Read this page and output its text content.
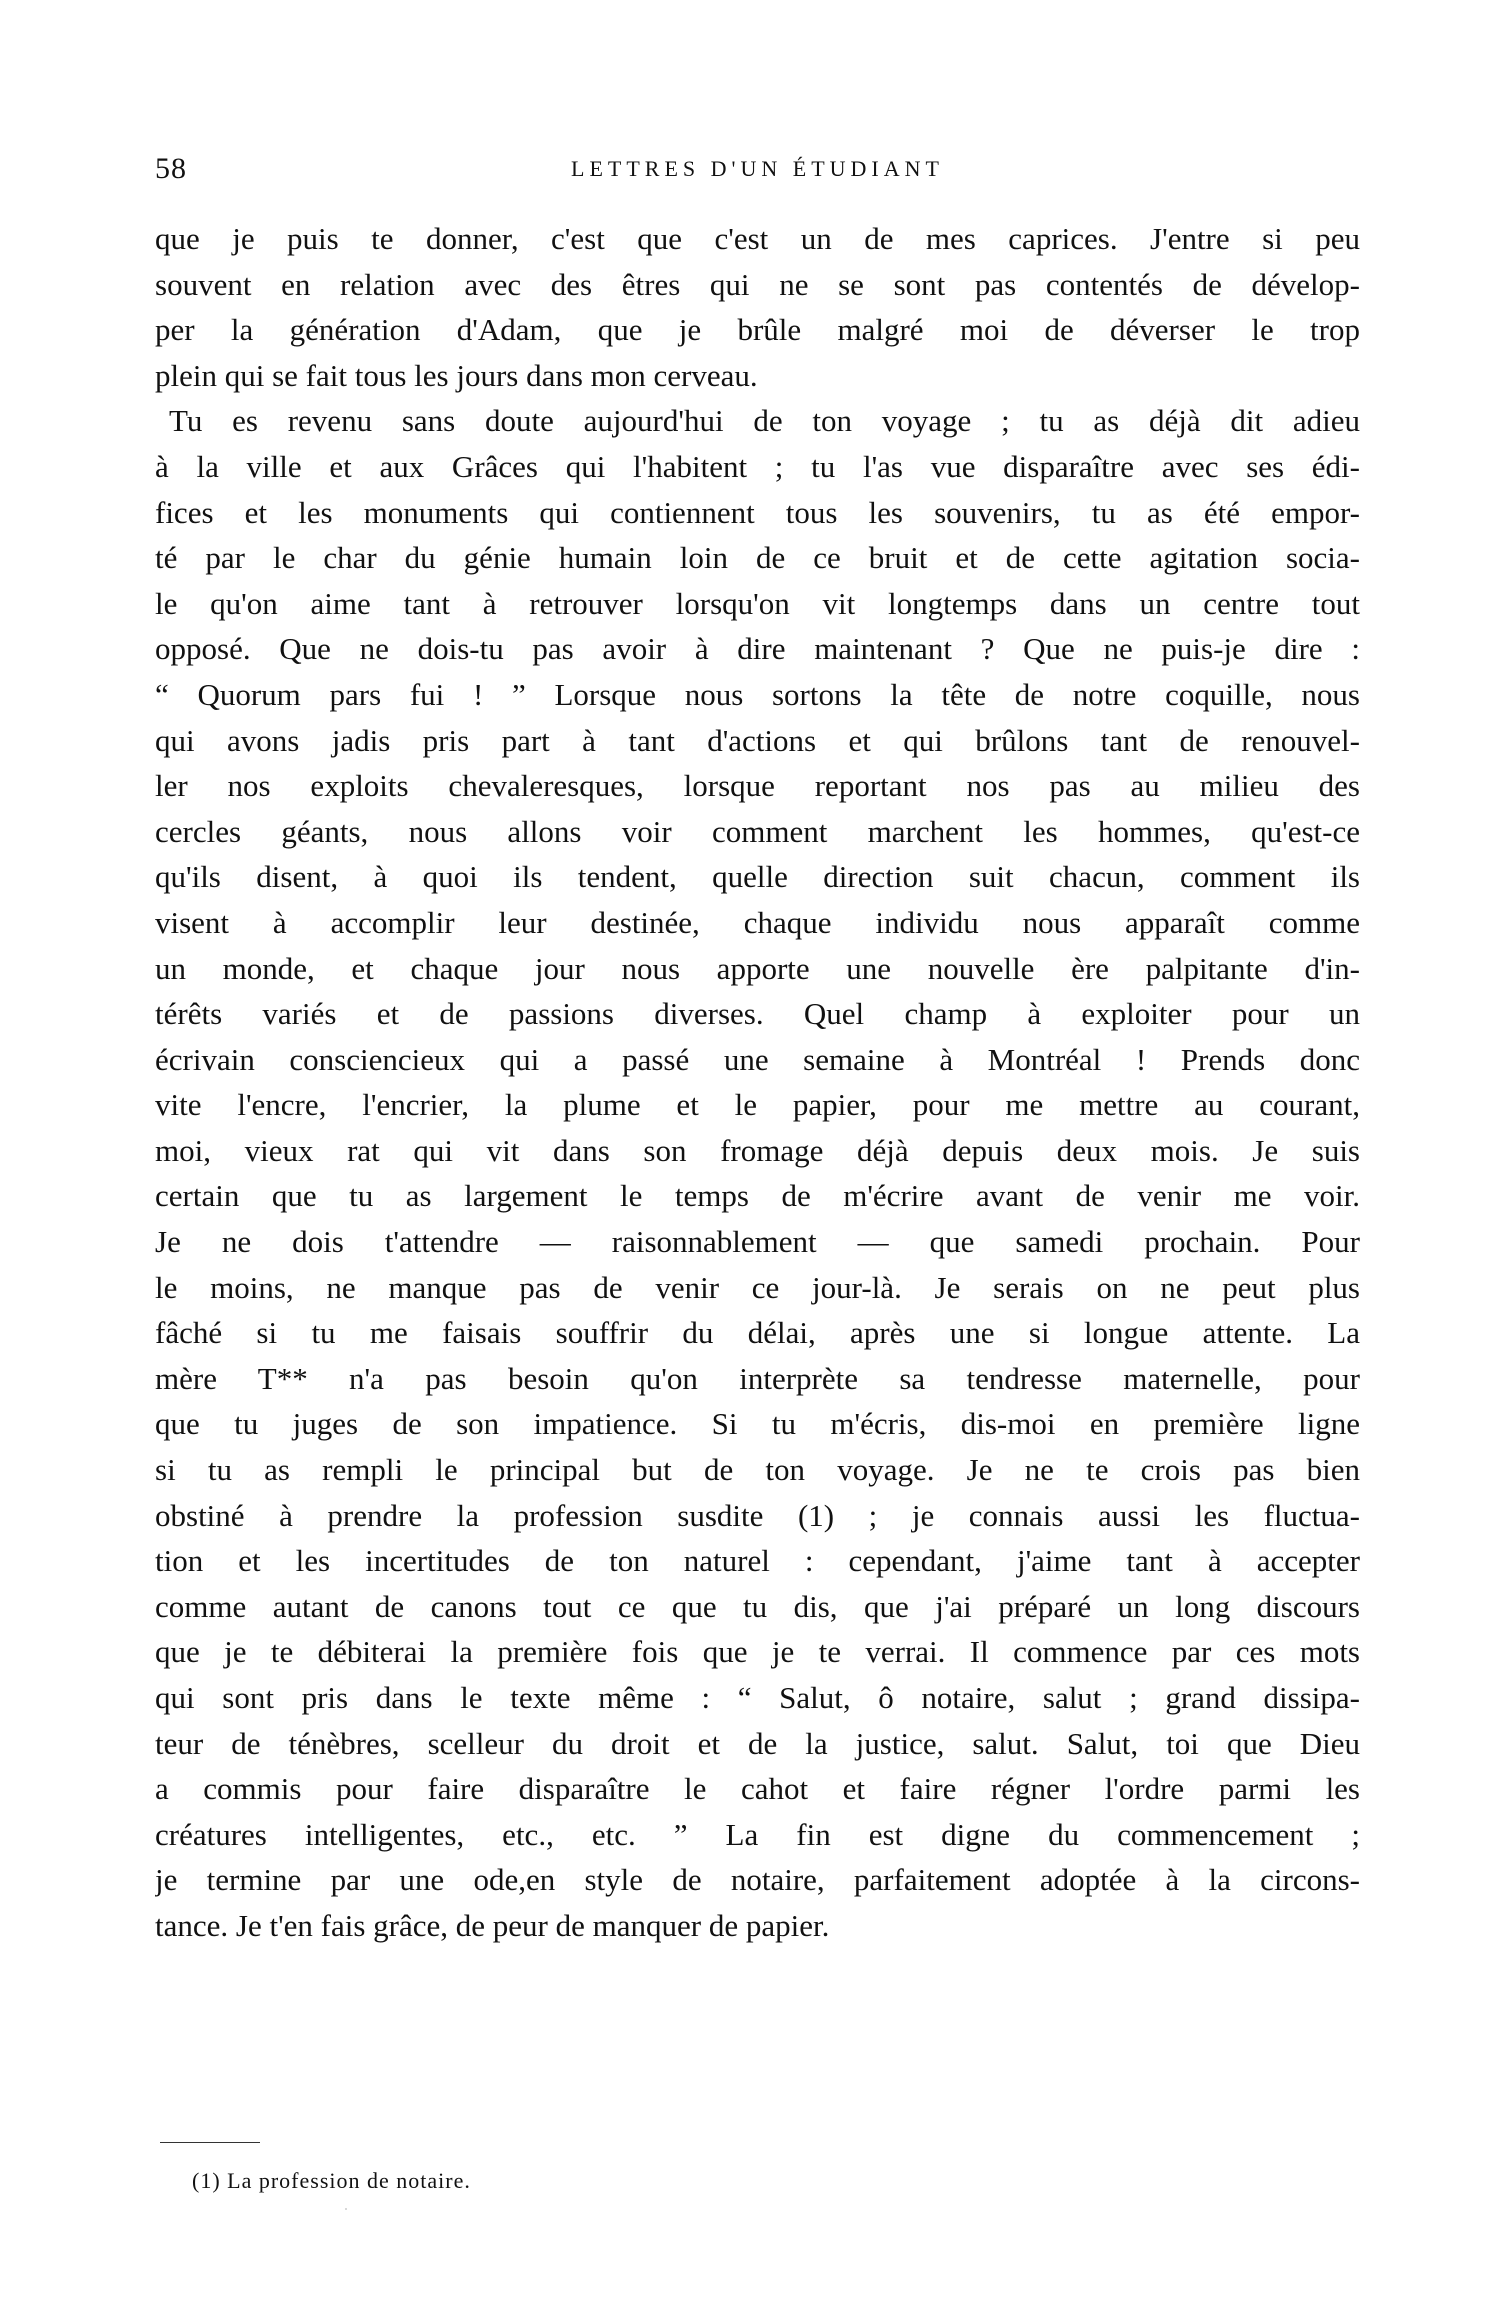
58	LETTRES D'UN ÉTUDIANT
que je puis te donner, c'est que c'est un de mes caprices. J'entre si peu
souvent en relation avec des êtres qui ne se sont pas contentés de dévelop-
per la génération d'Adam, que je brûle malgré moi de déverser le trop
plein qui se fait tous les jours dans mon cerveau.
Tu es revenu sans doute aujourd'hui de ton voyage ; tu as déjà dit adieu
à la ville et aux Grâces qui l'habitent ; tu l'as vue disparaître avec ses édi-
fices et les monuments qui contiennent tous les souvenirs, tu as été empor-
té par le char du génie humain loin de ce bruit et de cette agitation socia-
le qu'on aime tant à retrouver lorsqu'on vit longtemps dans un centre tout
opposé. Que ne dois-tu pas avoir à dire maintenant ? Que ne puis-je dire :
“ Quorum pars fui ! ” Lorsque nous sortons la tête de notre coquille, nous
qui avons jadis pris part à tant d'actions et qui brûlons tant de renouvel-
ler nos exploits chevaleresques, lorsque reportant nos pas au milieu des
cercles géants, nous allons voir comment marchent les hommes, qu'est-ce
qu'ils disent, à quoi ils tendent, quelle direction suit chacun, comment ils
visent à accomplir leur destinée, chaque individu nous apparaît comme
un monde, et chaque jour nous apporte une nouvelle ère palpitante d'in-
térêts variés et de passions diverses. Quel champ à exploiter pour un
écrivain consciencieux qui a passé une semaine à Montréal ! Prends donc
vite l'encre, l'encrier, la plume et le papier, pour me mettre au courant,
moi, vieux rat qui vit dans son fromage déjà depuis deux mois. Je suis
certain que tu as largement le temps de m'écrire avant de venir me voir.
Je ne dois t'attendre — raisonnablement — que samedi prochain. Pour
le moins, ne manque pas de venir ce jour-là. Je serais on ne peut plus
fâché si tu me faisais souffrir du délai, après une si longue attente. La
mère T** n'a pas besoin qu'on interprète sa tendresse maternelle, pour
que tu juges de son impatience. Si tu m'écris, dis-moi en première ligne
si tu as rempli le principal but de ton voyage. Je ne te crois pas bien
obstiné à prendre la profession susdite (1) ; je connais aussi les fluctua-
tion et les incertitudes de ton naturel : cependant, j'aime tant à accepter
comme autant de canons tout ce que tu dis, que j'ai préparé un long discours
que je te débiterai la première fois que je te verrai. Il commence par ces mots
qui sont pris dans le texte même : “ Salut, ô notaire, salut ; grand dissipa-
teur de ténèbres, scelleur du droit et de la justice, salut. Salut, toi que Dieu
a commis pour faire disparaître le cahot et faire régner l'ordre parmi les
créatures intelligentes, etc., etc. ” La fin est digne du commencement ;
je termine par une ode,en style de notaire, parfaitement adoptée à la circons-
tance. Je t'en fais grâce, de peur de manquer de papier.
(1) La profession de notaire.
